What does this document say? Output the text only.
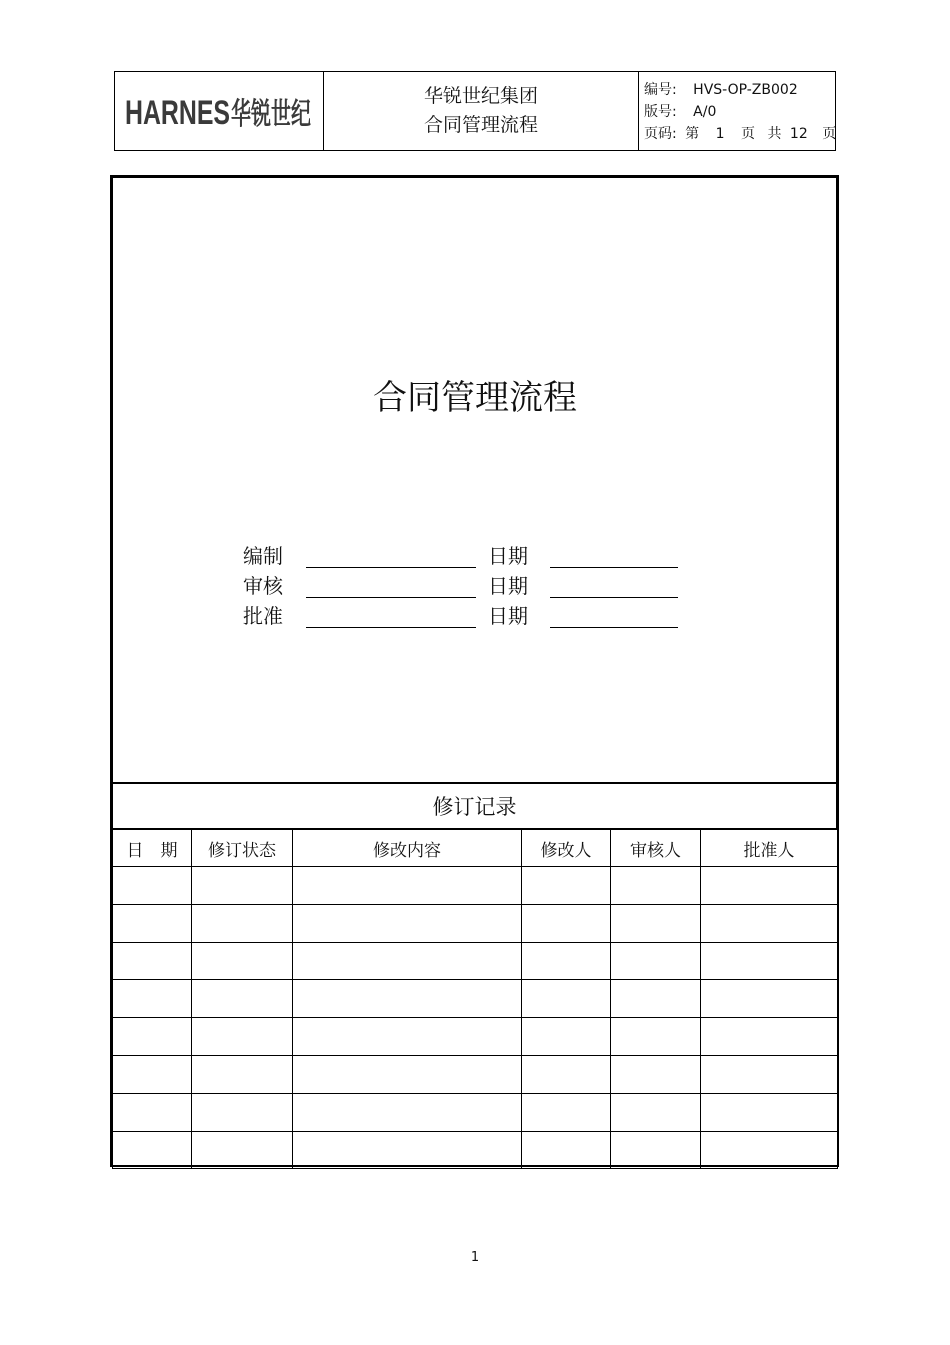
HARNES 华锐世纪
华锐世纪集团
合同管理流程
编号: HVS-OP-ZB002
版号: A/0
页码: 第 1 页 共 12 页
合同管理流程
编制	日期
审核	日期
批准	日期
修订记录
日　期	修订状态	修改内容	修改人	审核人	批准人

1
